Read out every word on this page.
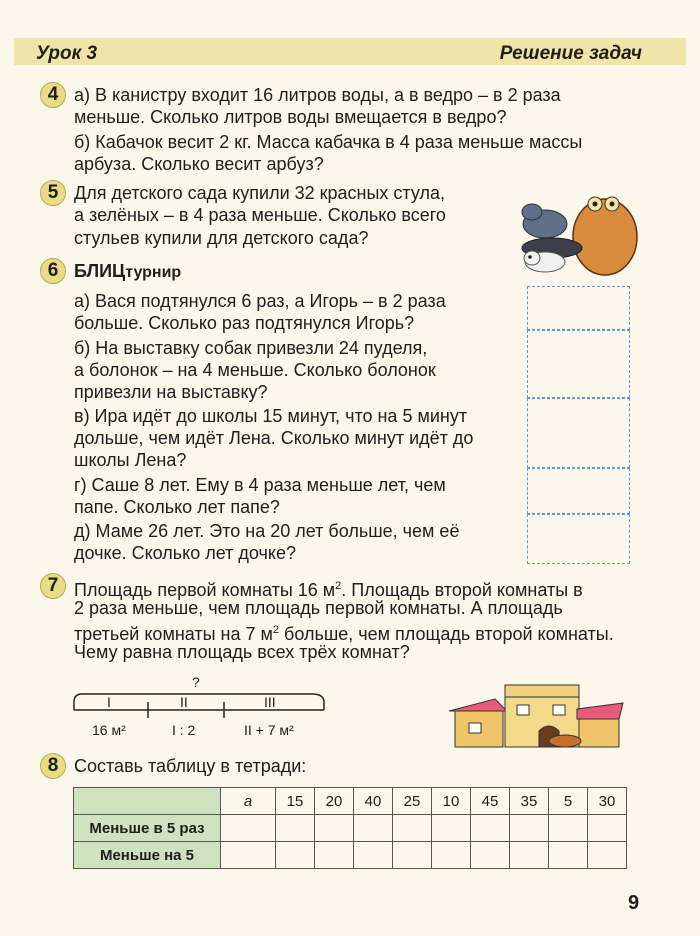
Урок 3	Решение задач
4 а) В канистру входит 16 литров воды, а в ведро – в 2 раза
меньше. Сколько литров воды вмещается в ведро?
б) Кабачок весит 2 кг. Масса кабачка в 4 раза меньше массы
арбуза. Сколько весит арбуз?
5 Для детского сада купили 32 красных стула,
а зелёных – в 4 раза меньше. Сколько всего
стульев купили для детского сада?
6 БЛИЦтурнир
а) Вася подтянулся 6 раз, а Игорь – в 2 раза
больше. Сколько раз подтянулся Игорь?
б) На выставку собак привезли 24 пуделя,
а болонок – на 4 меньше. Сколько болонок
привезли на выставку?
в) Ира идёт до школы 15 минут, что на 5 минут
дольше, чем идёт Лена. Сколько минут идёт до
школы Лена?
г) Саше 8 лет. Ему в 4 раза меньше лет, чем
папе. Сколько лет папе?
д) Маме 26 лет. Это на 20 лет больше, чем её
дочке. Сколько лет дочке?
7 Площадь первой комнаты 16 $м^2$. Площадь второй комнаты в
2 раза меньше, чем площадь первой комнаты. А площадь
третьей комнаты на 7 $м^2$ больше, чем площадь второй комнаты.
Чему равна площадь всех трёх комнат?
?
I	II	III
16 м²	I : 2	II + 7 м²
8 Составь таблицу в тетради:
	a	15	20	40	25	10	45	35	5	30
Меньше в 5 раз										
Меньше на 5										
9
